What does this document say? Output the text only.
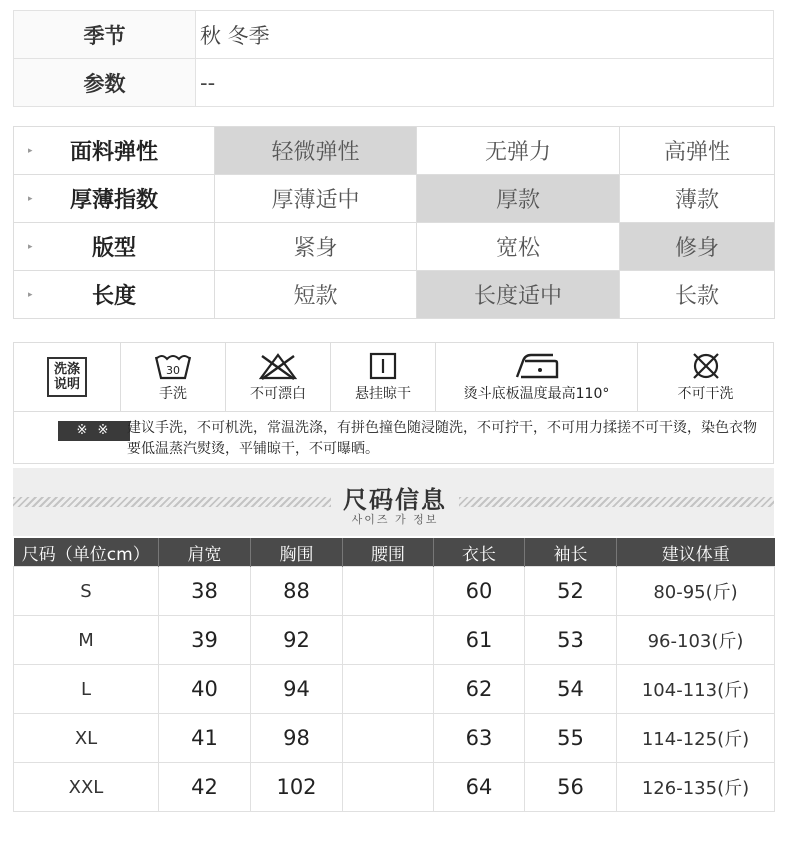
季节	秋 冬季
参数	--
▸ 面料弹性	轻微弹性	无弹力	高弹性

▸ 厚薄指数	厚薄适中	厚款	薄款

▸ 版型	紧身	宽松	修身

▸ 长度	短款	长度适中	长款
洗涤
说明
30
手洗	不可漂白	悬挂晾干	烫斗底板温度最高110°	不可干洗
※ ※	建议手洗，不可机洗，常温洗涤，有拼色撞色随浸随洗，不可拧干，不可用力揉搓不可干烫，染色衣物要低温蒸汽熨烫，平铺晾干，不可曝晒。
尺码信息
사이즈 가 정보
尺码（单位cm）	肩宽	胸围	腰围	衣长	袖长	建议体重
S	38	88		60	52	80-95(斤)
M	39	92		61	53	96-103(斤)
L	40	94		62	54	104-113(斤)
XL	41	98		63	55	114-125(斤)
XXL	42	102		64	56	126-135(斤)
